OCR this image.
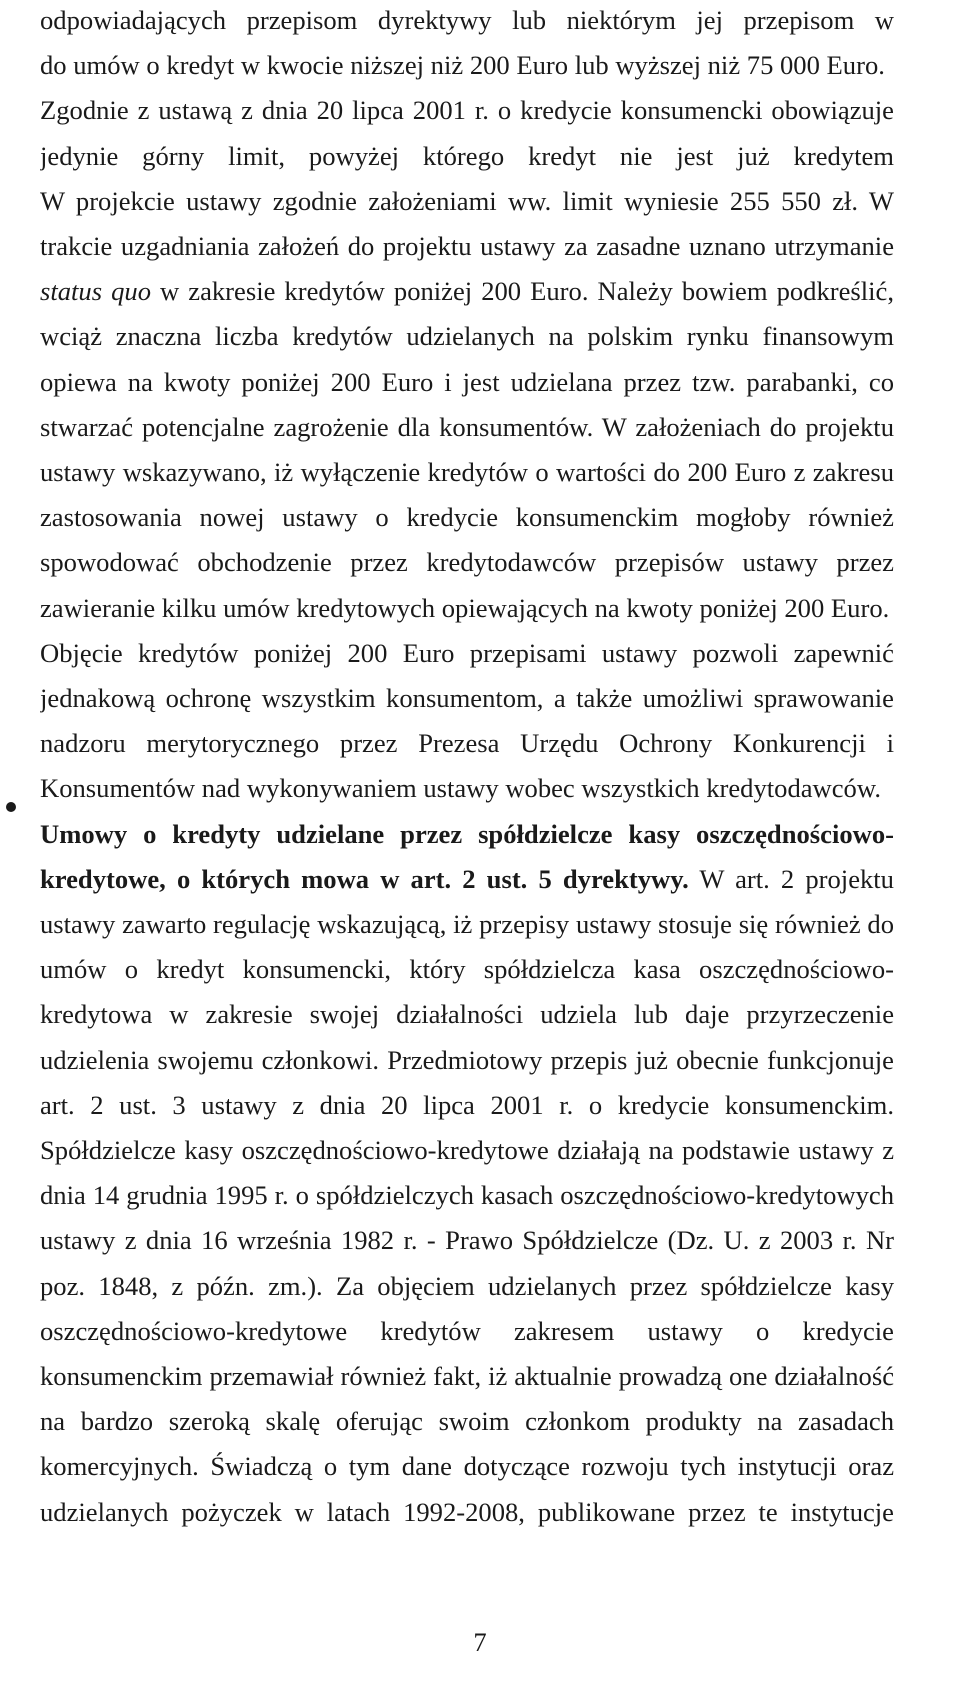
odpowiadających przepisom dyrektywy lub niektórym jej przepisom w
do umów o kredyt w kwocie niższej niż 200 Euro lub wyższej niż 75 000 Euro.
Zgodnie z ustawą z dnia 20 lipca 2001 r. o kredycie konsumencki obowiązuje
jedynie górny limit, powyżej którego kredyt nie jest już kredytem
W projekcie ustawy zgodnie założeniami ww. limit wyniesie 255 550 zł. W
trakcie uzgadniania założeń do projektu ustawy za zasadne uznano utrzymanie
status quo w zakresie kredytów poniżej 200 Euro. Należy bowiem podkreślić,
wciąż znaczna liczba kredytów udzielanych na polskim rynku finansowym
opiewa na kwoty poniżej 200 Euro i jest udzielana przez tzw. parabanki, co
stwarzać potencjalne zagrożenie dla konsumentów. W założeniach do projektu
ustawy wskazywano, iż wyłączenie kredytów o wartości do 200 Euro z zakresu
zastosowania nowej ustawy o kredycie konsumenckim mogłoby również
spowodować obchodzenie przez kredytodawców przepisów ustawy przez
zawieranie kilku umów kredytowych opiewających na kwoty poniżej 200 Euro.
Objęcie kredytów poniżej 200 Euro przepisami ustawy pozwoli zapewnić
jednakową ochronę wszystkim konsumentom, a także umożliwi sprawowanie
nadzoru merytorycznego przez Prezesa Urzędu Ochrony Konkurencji i
Konsumentów nad wykonywaniem ustawy wobec wszystkich kredytodawców.
Umowy o kredyty udzielane przez spółdzielcze kasy oszczędnościowo-
kredytowe, o których mowa w art. 2 ust. 5 dyrektywy. W art. 2 projektu
ustawy zawarto regulację wskazującą, iż przepisy ustawy stosuje się również do
umów o kredyt konsumencki, który spółdzielcza kasa oszczędnościowo-
kredytowa w zakresie swojej działalności udziela lub daje przyrzeczenie
udzielenia swojemu członkowi. Przedmiotowy przepis już obecnie funkcjonuje
art. 2 ust. 3 ustawy z dnia 20 lipca 2001 r. o kredycie konsumenckim.
Spółdzielcze kasy oszczędnościowo-kredytowe działają na podstawie ustawy z
dnia 14 grudnia 1995 r. o spółdzielczych kasach oszczędnościowo-kredytowych
ustawy z dnia 16 września 1982 r. - Prawo Spółdzielcze (Dz. U. z 2003 r. Nr
poz. 1848, z późn. zm.). Za objęciem udzielanych przez spółdzielcze kasy
oszczędnościowo-kredytowe kredytów zakresem ustawy o kredycie
konsumenckim przemawiał również fakt, iż aktualnie prowadzą one działalność
na bardzo szeroką skalę oferując swoim członkom produkty na zasadach
komercyjnych. Świadczą o tym dane dotyczące rozwoju tych instytucji oraz
udzielanych pożyczek w latach 1992-2008, publikowane przez te instytucje
7
